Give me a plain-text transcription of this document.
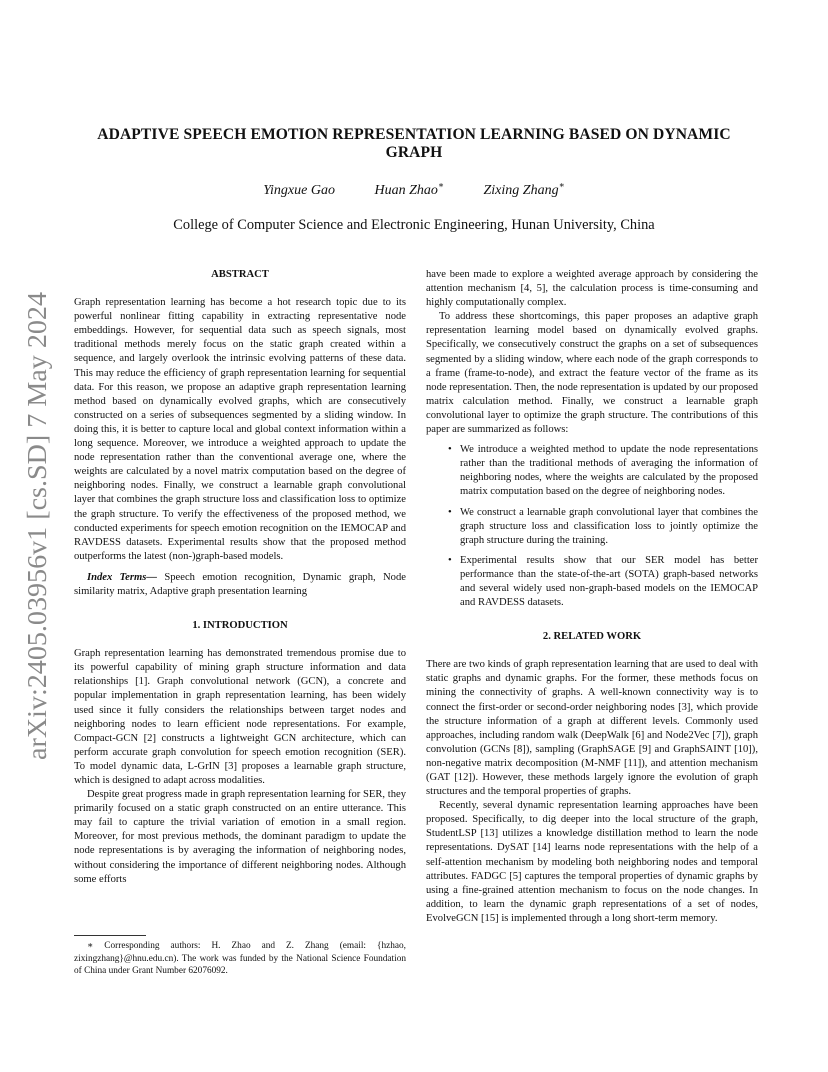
arXiv:2405.03956v1 [cs.SD] 7 May 2024
ADAPTIVE SPEECH EMOTION REPRESENTATION LEARNING BASED ON DYNAMIC GRAPH
Yingxue Gao	Huan Zhao∗	Zixing Zhang∗
College of Computer Science and Electronic Engineering, Hunan University, China
ABSTRACT

Graph representation learning has become a hot research topic due to its powerful nonlinear fitting capability in extracting representative node embeddings. However, for sequential data such as speech signals, most traditional methods merely focus on the static graph created within a sequence, and largely overlook the intrinsic evolving patterns of these data. This may reduce the efficiency of graph representation learning for sequential data. For this reason, we propose an adaptive graph representation learning method based on dynamically evolved graphs, which are consecutively constructed on a series of subsequences segmented by a sliding window. In doing this, it is better to capture local and global context information within a long sequence. Moreover, we introduce a weighted approach to update the node representation rather than the conventional average one, where the weights are calculated by a novel matrix computation based on the degree of neighboring nodes. Finally, we construct a learnable graph convolutional layer that combines the graph structure loss and classification loss to optimize the graph structure. To verify the effectiveness of the proposed method, we conducted experiments for speech emotion recognition on the IEMOCAP and RAVDESS datasets. Experimental results show that the proposed method outperforms the latest (non-)graph-based models.

Index Terms— Speech emotion recognition, Dynamic graph, Node similarity matrix, Adaptive graph presentation learning

1. INTRODUCTION

Graph representation learning has demonstrated tremendous promise due to its powerful capability of mining graph structure information and data relationships [1]. Graph convolutional network (GCN), a concrete and popular implementation in graph representation learning, has been widely used since it fully considers the relationships between target nodes and neighboring nodes to learn efficient node representations. For example, Compact-GCN [2] constructs a lightweight GCN architecture, which can perform accurate graph convolution for speech emotion recognition (SER). To model dynamic data, L-GrIN [3] proposes a learnable graph structure, which is designed to adapt across modalities.

Despite great progress made in graph representation learning for SER, they primarily focused on a static graph constructed on an entire utterance. This may fail to capture the trivial variation of emotion in a small region. Moreover, for most previous methods, the dominant paradigm to update the node representations is by averaging the information of neighboring nodes, without considering the importance of different neighboring nodes. Although some efforts

have been made to explore a weighted average approach by considering the attention mechanism [4, 5], the calculation process is time-consuming and highly computationally complex.

To address these shortcomings, this paper proposes an adaptive graph representation learning model based on dynamically evolved graphs. Specifically, we consecutively construct the graphs on a set of subsequences segmented by a sliding window, where each node of the graph corresponds to a frame (frame-to-node), and extract the feature vector of the frame as its node representation. Then, the node representation is updated by our proposed matrix calculation method. Finally, we construct a learnable graph convolutional layer to optimize the graph structure. The contributions of this paper are summarized as follows:

• We introduce a weighted method to update the node representations rather than the traditional methods of averaging the information of neighboring nodes, where the weights are calculated by the proposed matrix computation based on the degree of neighboring nodes.
• We construct a learnable graph convolutional layer that combines the graph structure loss and classification loss to jointly optimize the graph structure during the training.
• Experimental results show that our SER model has better performance than the state-of-the-art (SOTA) graph-based networks and several widely used non-graph-based models on the IEMOCAP and RAVDESS datasets.
2. RELATED WORK

There are two kinds of graph representation learning that are used to deal with static graphs and dynamic graphs. For the former, these methods focus on mining the connectivity of graphs. A well-known connectivity way is to connect the first-order or second-order neighboring nodes [3], which provide the structure information of a graph at different levels. Commonly used approaches, including random walk (DeepWalk [6] and Node2Vec [7]), graph convolution (GCNs [8]), sampling (GraphSAGE [9] and GraphSAINT [10]), non-negative matrix decomposition (M-NMF [11]), and attention mechanism (GAT [12]). However, these methods largely ignore the evolution of graph structures and the temporal properties of graphs.

Recently, several dynamic representation learning approaches have been proposed. Specifically, to dig deeper into the local structure of the graph, StudentLSP [13] utilizes a knowledge distillation method to learn the node representations. DySAT [14] learns node representations with the help of a self-attention mechanism by modeling both neighboring nodes and temporal attributes. FADGC [5] captures the temporal properties of dynamic graphs by using a fine-grained attention mechanism to focus on the node changes. In addition, to learn the dynamic graph representations of a set of nodes, EvolveGCN [15] is implemented through a long short-term memory.

∗ Corresponding authors: H. Zhao and Z. Zhang (email: {hzhao, zixingzhang}@hnu.edu.cn). The work was funded by the National Science Foundation of China under Grant Number 62076092.
